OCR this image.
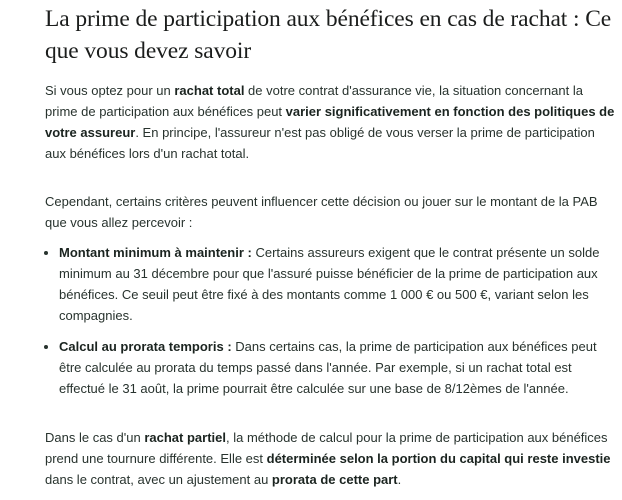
La prime de participation aux bénéfices en cas de rachat : Ce que vous devez savoir

Si vous optez pour un rachat total de votre contrat d'assurance vie, la situation concernant la prime de participation aux bénéfices peut varier significativement en fonction des politiques de votre assureur. En principe, l'assureur n'est pas obligé de vous verser la prime de participation aux bénéfices lors d'un rachat total.

Cependant, certains critères peuvent influencer cette décision ou jouer sur le montant de la PAB que vous allez percevoir :

• Montant minimum à maintenir : Certains assureurs exigent que le contrat présente un solde minimum au 31 décembre pour que l'assuré puisse bénéficier de la prime de participation aux bénéfices. Ce seuil peut être fixé à des montants comme 1 000 € ou 500 €, variant selon les compagnies.
• Calcul au prorata temporis : Dans certains cas, la prime de participation aux bénéfices peut être calculée au prorata du temps passé dans l'année. Par exemple, si un rachat total est effectué le 31 août, la prime pourrait être calculée sur une base de 8/12èmes de l'année.

Dans le cas d'un rachat partiel, la méthode de calcul pour la prime de participation aux bénéfices prend une tournure différente. Elle est déterminée selon la portion du capital qui reste investie dans le contrat, avec un ajustement au prorata de cette part.
